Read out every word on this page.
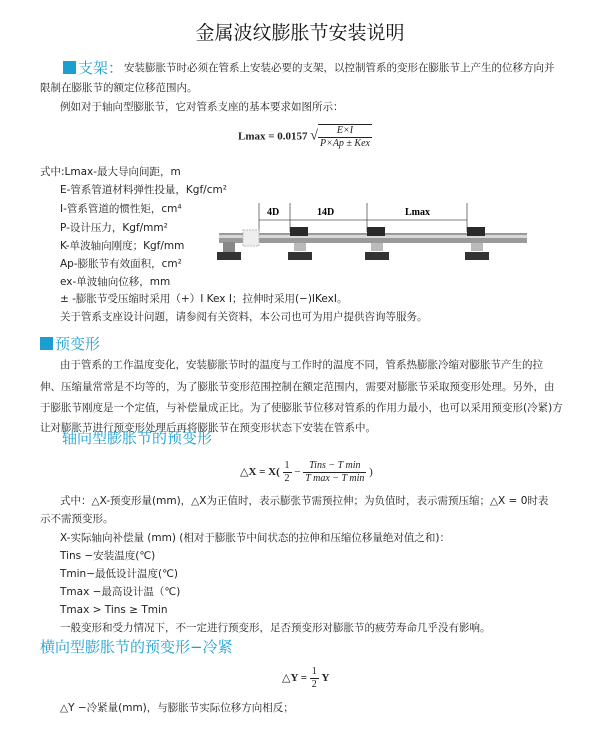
金属波纹膨胀节安装说明
支架： 安装膨胀节时必须在管系上安装必要的支架，以控制管系的变形在膨胀节上产生的位移方向并
限制在膨胀节的额定位移范围内。
例如对于轴向型膨胀节，它对管系支座的基本要求如图所示：
Lmax = 0.0157 √ $\frac{E\times I}{\text{P×Ap ± Kex}}$
式中:Lmax-最大导向间距，m
E-管系管道材料弹性投量，Kgf/cm²
I-管系管道的惯性矩，cm⁴
P-设计压力，Kgf/mm²
K-单波轴向刚度；Kgf/mm
Ap-膨胀节有效面积，cm²
ex-单波轴向位移，mm
± -膨胀节受压缩时采用（+）I Kex I；拉伸时采用(−)IKexI。
关于管系支座设计问题，请参阅有关资料，本公司也可为用户提供咨询等服务。
4D	14D	Lmax
预变形
由于管系的工作温度变化，安装膨胀节时的温度与工作时的温度不同，管系热膨胀冷缩对膨胀节产生的拉
伸、压缩量常常是不均等的，为了膨胀节变形范围控制在额定范围内，需要对膨胀节采取预变形处理。另外，由
于膨胀节刚度是一个定值，与补偿量成正比。为了使膨胀节位移对管系的作用力最小，也可以采用预变形(冷紧)方
让对膨胀节进行预变形处理后再将膨胀节在预变形状态下安装在管系中。
轴向型膨胀节的预变形
△X = $X( \frac{1}{2} - \frac{\text{Tins − T min}}{\text{T max − T min}}$ )
式中：△X-预变形量(mm)，△X为正值时，表示膨张节需预拉伸；为负值时，表示需预压缩；△X = 0时表
示不需预变形。
X-实际轴向补偿量 (mm) (相对于膨胀节中间状态的拉伸和压缩位移量绝对值之和)：
Tins −安装温度(℃)
Tmin−最低设计温度(℃)
Tmax −最高设计温（℃)
Tmax > Tins ≥ Tmin
一般变形和受力情况下，不一定进行预变形，足否预变形对膨胀节的疲劳寿命几乎没有影响。
横向型膨胀节的预变形−冷紧
△Y = $\frac{1}{2}$ Y
△Y −冷紧量(mm)，与膨胀节实际位移方向相反；
